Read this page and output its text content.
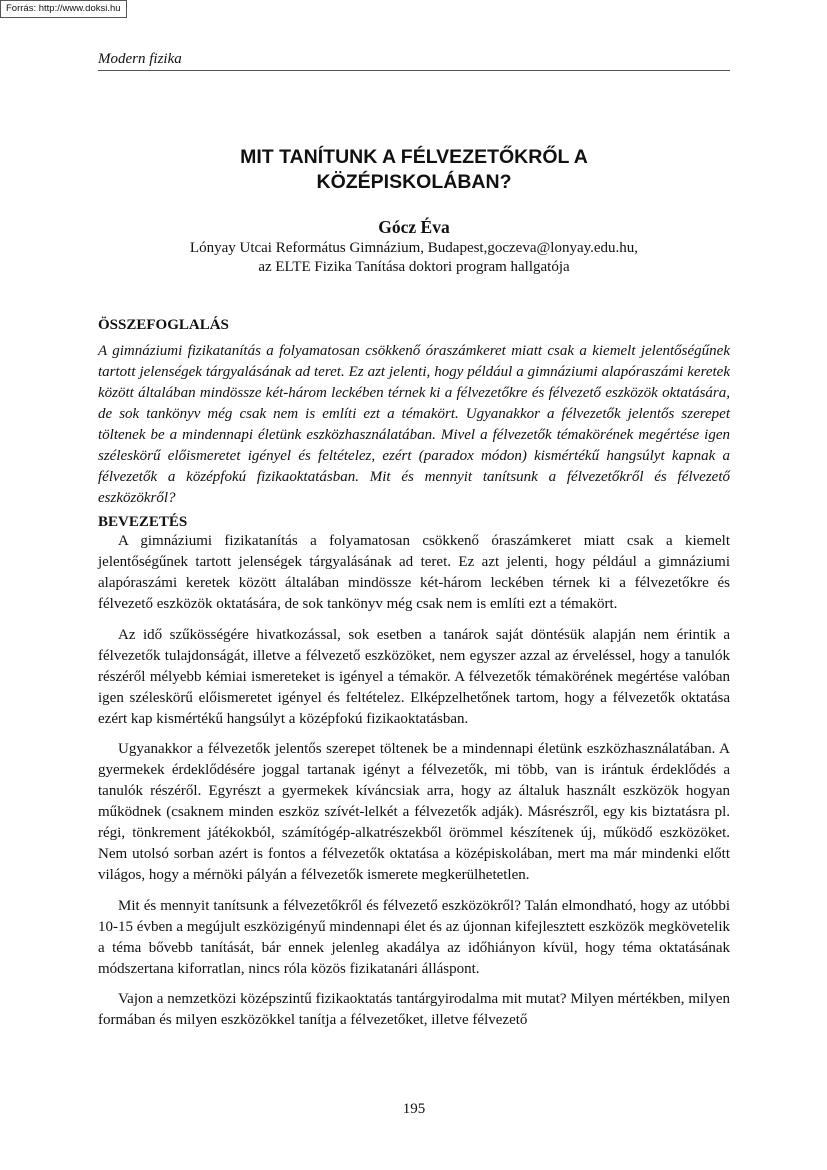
Forrás: http://www.doksi.hu
Modern fizika
MIT TANÍTUNK A FÉLVEZETŐKRŐL A
KÖZÉPISKOLÁBAN?
Gócz Éva
Lónyay Utcai Református Gimnázium, Budapest,goczeva@lonyay.edu.hu,
az ELTE Fizika Tanítása doktori program hallgatója
ÖSSZEFOGLALÁS

A gimnáziumi fizikatanítás a folyamatosan csökkenő óraszámkeret miatt csak a kiemelt jelentőségűnek tartott jelenségek tárgyalásának ad teret. Ez azt jelenti, hogy például a gimnáziumi alapóraszámi keretek között általában mindössze két-három leckében térnek ki a félvezetőkre és félvezető eszközök oktatására, de sok tankönyv még csak nem is említi ezt a témakört. Ugyanakkor a félvezetők jelentős szerepet töltenek be a mindennapi életünk eszközhasználatában. Mivel a félvezetők témakörének megértése igen széleskörű előismeretet igényel és feltételez, ezért (paradox módon) kismértékű hangsúlyt kapnak a félvezetők a középfokú fizikaoktatásban. Mit és mennyit tanítsunk a félvezetőkről és félvezető eszközökről?

BEVEZETÉS

A gimnáziumi fizikatanítás a folyamatosan csökkenő óraszámkeret miatt csak a kiemelt jelentőségűnek tartott jelenségek tárgyalásának ad teret. Ez azt jelenti, hogy például a gimnáziumi alapóraszámi keretek között általában mindössze két-három leckében térnek ki a félvezetőkre és félvezető eszközök oktatására, de sok tankönyv még csak nem is említi ezt a témakört.

Az idő szűkösségére hivatkozással, sok esetben a tanárok saját döntésük alapján nem érintik a félvezetők tulajdonságát, illetve a félvezető eszközöket, nem egyszer azzal az érveléssel, hogy a tanulók részéről mélyebb kémiai ismereteket is igényel a témakör. A félvezetők témakörének megértése valóban igen széleskörű előismeretet igényel és feltételez. Elképzelhetőnek tartom, hogy a félvezetők oktatása ezért kap kismértékű hangsúlyt a középfokú fizikaoktatásban.

Ugyanakkor a félvezetők jelentős szerepet töltenek be a mindennapi életünk eszközhasználatában. A gyermekek érdeklődésére joggal tartanak igényt a félvezetők, mi több, van is irántuk érdeklődés a tanulók részéről. Egyrészt a gyermekek kíváncsiak arra, hogy az általuk használt eszközök hogyan működnek (csaknem minden eszköz szívét-lelkét a félvezetők adják). Másrészről, egy kis biztatásra pl. régi, tönkrement játékokból, számítógép-alkatrészekből örömmel készítenek új, működő eszközöket. Nem utolsó sorban azért is fontos a félvezetők oktatása a középiskolában, mert ma már mindenki előtt világos, hogy a mérnöki pályán a félvezetők ismerete megkerülhetetlen.

Mit és mennyit tanítsunk a félvezetőkről és félvezető eszközökről? Talán elmondható, hogy az utóbbi 10-15 évben a megújult eszközigényű mindennapi élet és az újonnan kifejlesztett eszközök megkövetelik a téma bővebb tanítását, bár ennek jelenleg akadálya az időhiányon kívül, hogy téma oktatásának módszertana kiforratlan, nincs róla közös fizikatanári álláspont.

Vajon a nemzetközi középszintű fizikaoktatás tantárgyirodalma mit mutat? Milyen mértékben, milyen formában és milyen eszközökkel tanítja a félvezetőket, illetve félvezető

195
